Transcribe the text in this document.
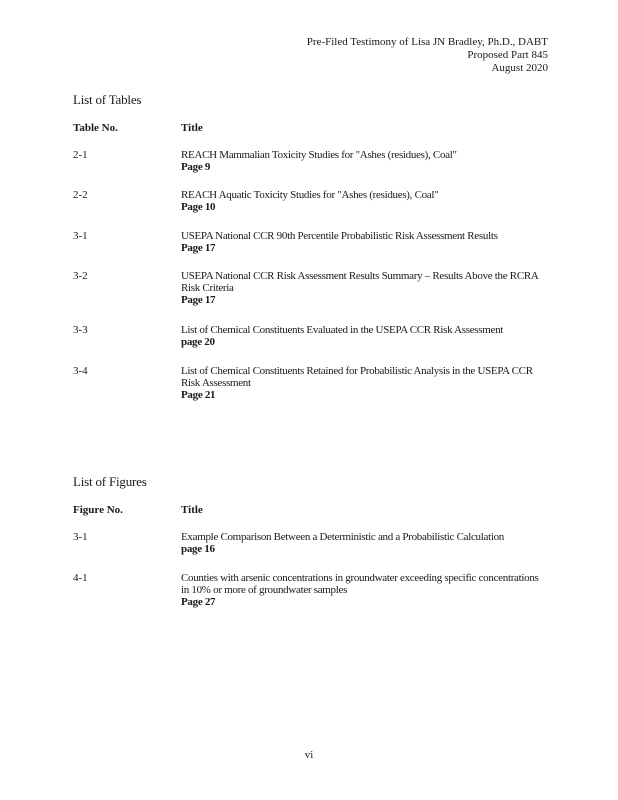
Pre-Filed Testimony of Lisa JN Bradley, Ph.D., DABT
Proposed Part 845
August 2020
List of Tables
Table No.	Title
2-1	REACH Mammalian Toxicity Studies for "Ashes (residues), Coal"
Page 9
2-2	REACH Aquatic Toxicity Studies for "Ashes (residues), Coal"
Page 10
3-1	USEPA National CCR 90th Percentile Probabilistic Risk Assessment Results
Page 17
3-2	USEPA National CCR Risk Assessment Results Summary – Results Above the RCRA Risk Criteria
Page 17
3-3	List of Chemical Constituents Evaluated in the USEPA CCR Risk Assessment
page 20
3-4	List of Chemical Constituents Retained for Probabilistic Analysis in the USEPA CCR Risk Assessment
Page 21
List of Figures
Figure No.	Title
3-1	Example Comparison Between a Deterministic and a Probabilistic Calculation
page 16
4-1	Counties with arsenic concentrations in groundwater exceeding specific concentrations in 10% or more of groundwater samples
Page 27
vi
